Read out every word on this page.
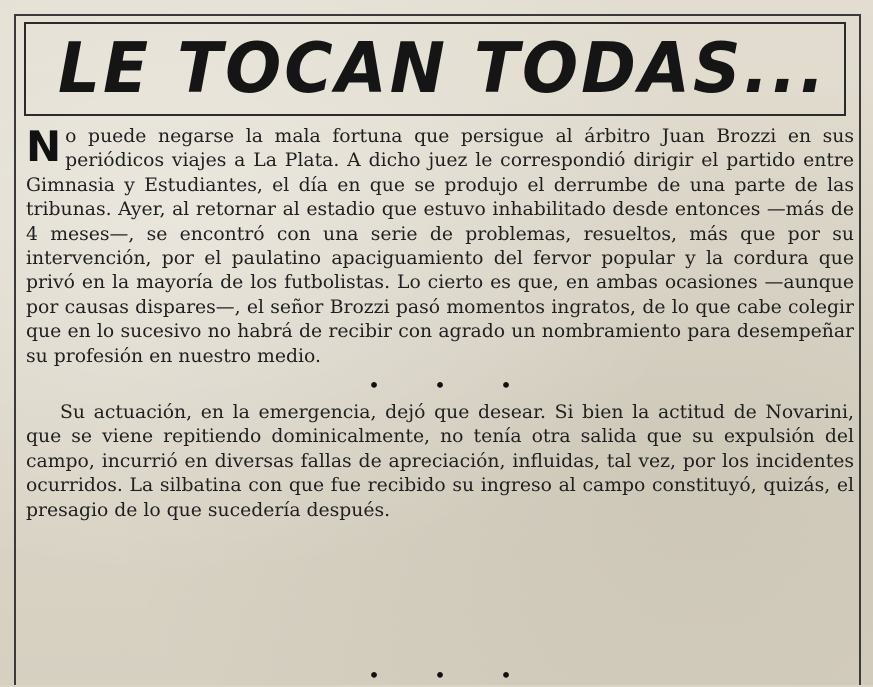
LE TOCAN TODAS...

No puede negarse la mala fortuna que persigue al árbitro Juan Brozzi en sus periódicos viajes a La Plata. A dicho juez le correspondió dirigir el partido entre Gimnasia y Estudiantes, el día en que se produjo el derrumbe de una parte de las tribunas. Ayer, al retornar al estadio que estuvo inhabilitado desde entonces —más de 4 meses—, se encontró con una serie de problemas, resueltos, más que por su intervención, por el paulatino apaciguamiento del fervor popular y la cordura que privó en la mayoría de los futbolistas. Lo cierto es que, en ambas ocasiones —aunque por causas dispares—, el señor Brozzi pasó momentos ingratos, de lo que cabe colegir que en lo sucesivo no habrá de recibir con agrado un nombramiento para desempeñar su profesión en nuestro medio.

•	•	•

Su actuación, en la emergencia, dejó que desear. Si bien la actitud de Novarini, que se viene repitiendo dominicalmente, no tenía otra salida que su expulsión del campo, incurrió en diversas fallas de apreciación, influidas, tal vez, por los incidentes ocurridos. La silbatina con que fue recibido su ingreso al campo constituyó, quizás, el presagio de lo que sucedería después.

•	•	•
